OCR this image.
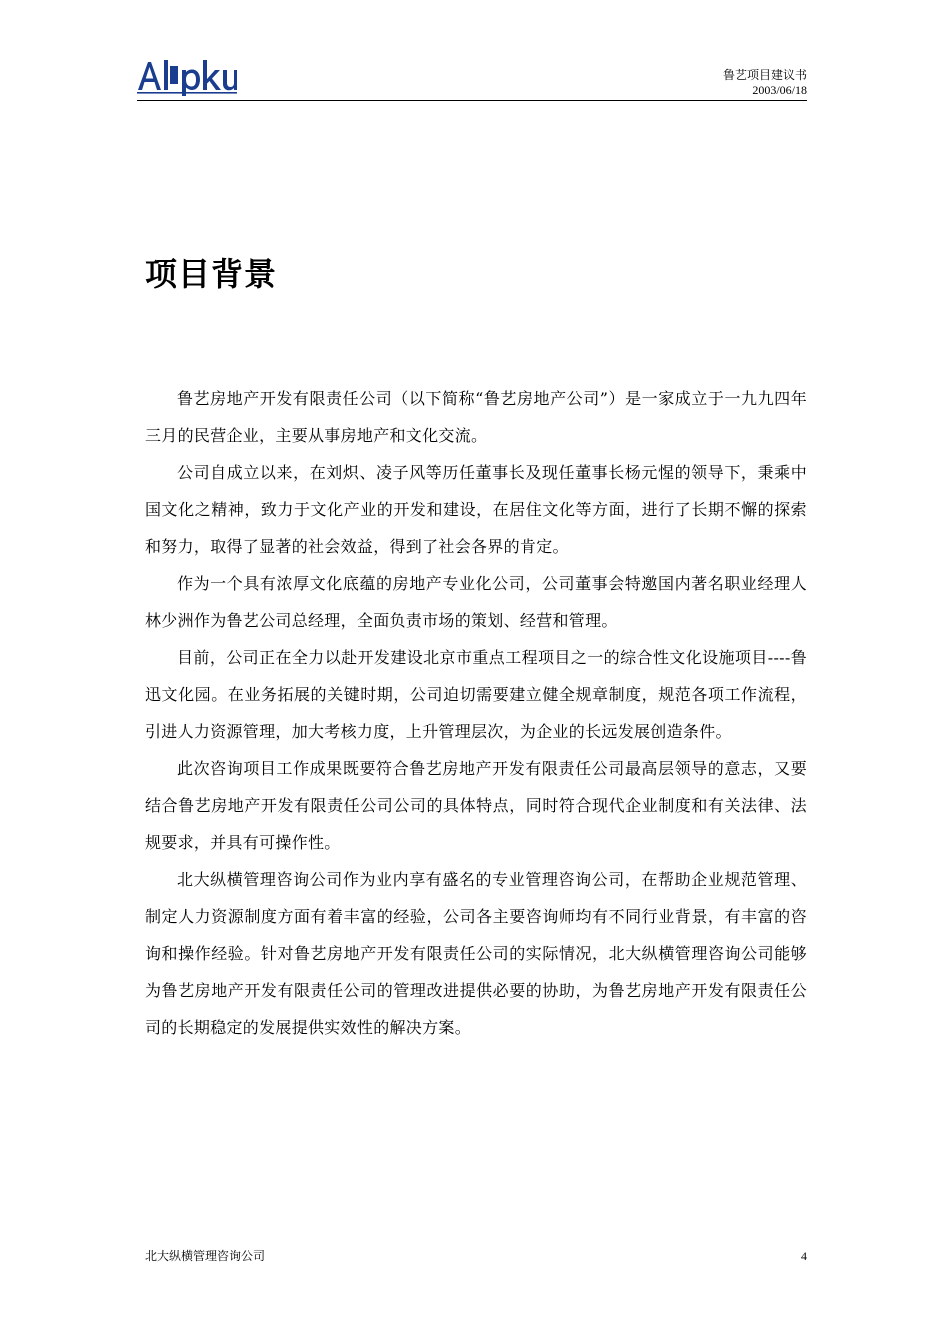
鲁艺项目建议书
2003/06/18
项目背景

鲁艺房地产开发有限责任公司（以下简称“鲁艺房地产公司”）是一家成立于一九九四年三月的民营企业，主要从事房地产和文化交流。

公司自成立以来，在刘炽、凌子风等历任董事长及现任董事长杨元惺的领导下，秉乘中国文化之精神，致力于文化产业的开发和建设，在居住文化等方面，进行了长期不懈的探索和努力，取得了显著的社会效益，得到了社会各界的肯定。

作为一个具有浓厚文化底蕴的房地产专业化公司，公司董事会特邀国内著名职业经理人林少洲作为鲁艺公司总经理，全面负责市场的策划、经营和管理。

目前，公司正在全力以赴开发建设北京市重点工程项目之一的综合性文化设施项目----鲁迅文化园。在业务拓展的关键时期，公司迫切需要建立健全规章制度，规范各项工作流程，引进人力资源管理，加大考核力度，上升管理层次，为企业的长远发展创造条件。

此次咨询项目工作成果既要符合鲁艺房地产开发有限责任公司最高层领导的意志，又要结合鲁艺房地产开发有限责任公司公司的具体特点，同时符合现代企业制度和有关法律、法规要求，并具有可操作性。

北大纵横管理咨询公司作为业内享有盛名的专业管理咨询公司，在帮助企业规范管理、制定人力资源制度方面有着丰富的经验，公司各主要咨询师均有不同行业背景，有丰富的咨询和操作经验。针对鲁艺房地产开发有限责任公司的实际情况，北大纵横管理咨询公司能够为鲁艺房地产开发有限责任公司的管理改进提供必要的协助，为鲁艺房地产开发有限责任公司的长期稳定的发展提供实效性的解决方案。

北大纵横管理咨询公司	4
